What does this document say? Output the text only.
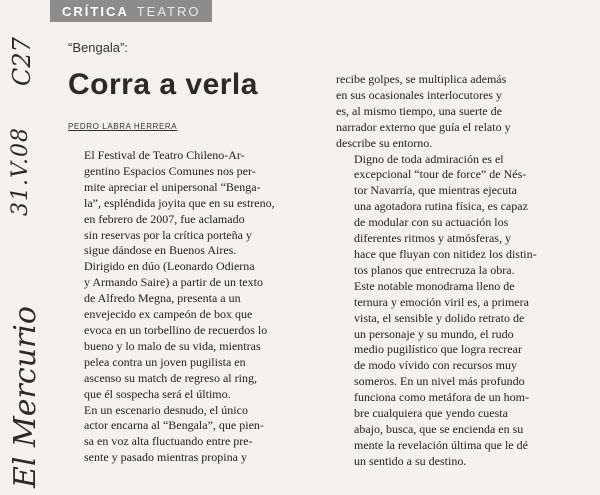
CRÍTICA TEATRO
C27
31.V.08
El Mercurio
“Bengala”:
Corra a verla
PEDRO LABRA HERRERA

El Festival de Teatro Chileno-Ar-
gentino Espacios Comunes nos per-
mite apreciar el unipersonal “Benga-
la”, espléndida joyita que en su estreno,
en febrero de 2007, fue aclamado
sin reservas por la crítica porteña y
sigue dándose en Buenos Aires.

Dirigido en dúo (Leonardo Odierna
y Armando Saire) a partir de un texto
de Alfredo Megna, presenta a un
envejecido ex campeón de box que
evoca en un torbellino de recuerdos lo
bueno y lo malo de su vida, mientras
pelea contra un joven pugilista en
ascenso su match de regreso al ring,
que él sospecha será el último.

En un escenario desnudo, el único
actor encarna al “Bengala”, que pien-
sa en voz alta fluctuando entre pre-
sente y pasado mientras propina y

recibe golpes, se multiplica además
en sus ocasionales interlocutores y
es, al mismo tiempo, una suerte de
narrador externo que guía el relato y
describe su entorno.

Digno de toda admiración es el
excepcional “tour de force” de Nés-
tor Navarría, que mientras ejecuta
una agotadora rutina física, es capaz
de modular con su actuación los
diferentes ritmos y atmósferas, y
hace que fluyan con nitidez los distin-
tos planos que entrecruza la obra.

Este notable monodrama lleno de
ternura y emoción viril es, a primera
vista, el sensible y dolido retrato de
un personaje y su mundo, el rudo
medio pugilístico que logra recrear
de modo vívido con recursos muy
someros. En un nivel más profundo
funciona como metáfora de un hom-
bre cualquiera que yendo cuesta
abajo, busca, que se encienda en su
mente la revelación última que le dé
un sentido a su destino.
